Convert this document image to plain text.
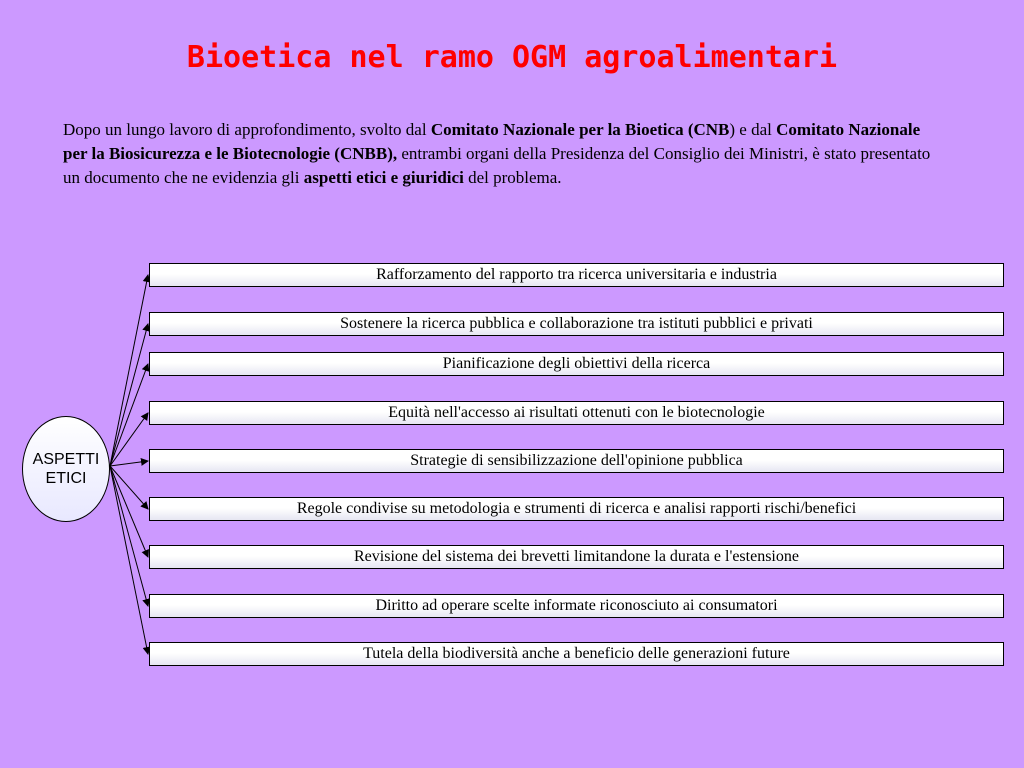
Bioetica nel ramo OGM agroalimentari
Dopo un lungo lavoro di approfondimento, svolto dal Comitato Nazionale per la Bioetica (CNB) e dal Comitato Nazionale per la Biosicurezza e le Biotecnologie (CNBB), entrambi organi della Presidenza del Consiglio dei Ministri, è stato presentato un documento che ne evidenzia gli aspetti etici e giuridici del problema.
ASPETTI
ETICI
Rafforzamento del rapporto tra ricerca universitaria e industria
Sostenere la ricerca pubblica e collaborazione tra istituti pubblici e privati
Pianificazione degli obiettivi della ricerca
Equità nell'accesso ai risultati ottenuti con le biotecnologie
Strategie di sensibilizzazione dell'opinione pubblica
Regole condivise su metodologia e strumenti di ricerca e analisi rapporti rischi/benefici
Revisione del sistema dei brevetti limitandone la durata e l'estensione
Diritto ad operare scelte informate riconosciuto ai consumatori
Tutela della biodiversità anche a beneficio delle generazioni future
